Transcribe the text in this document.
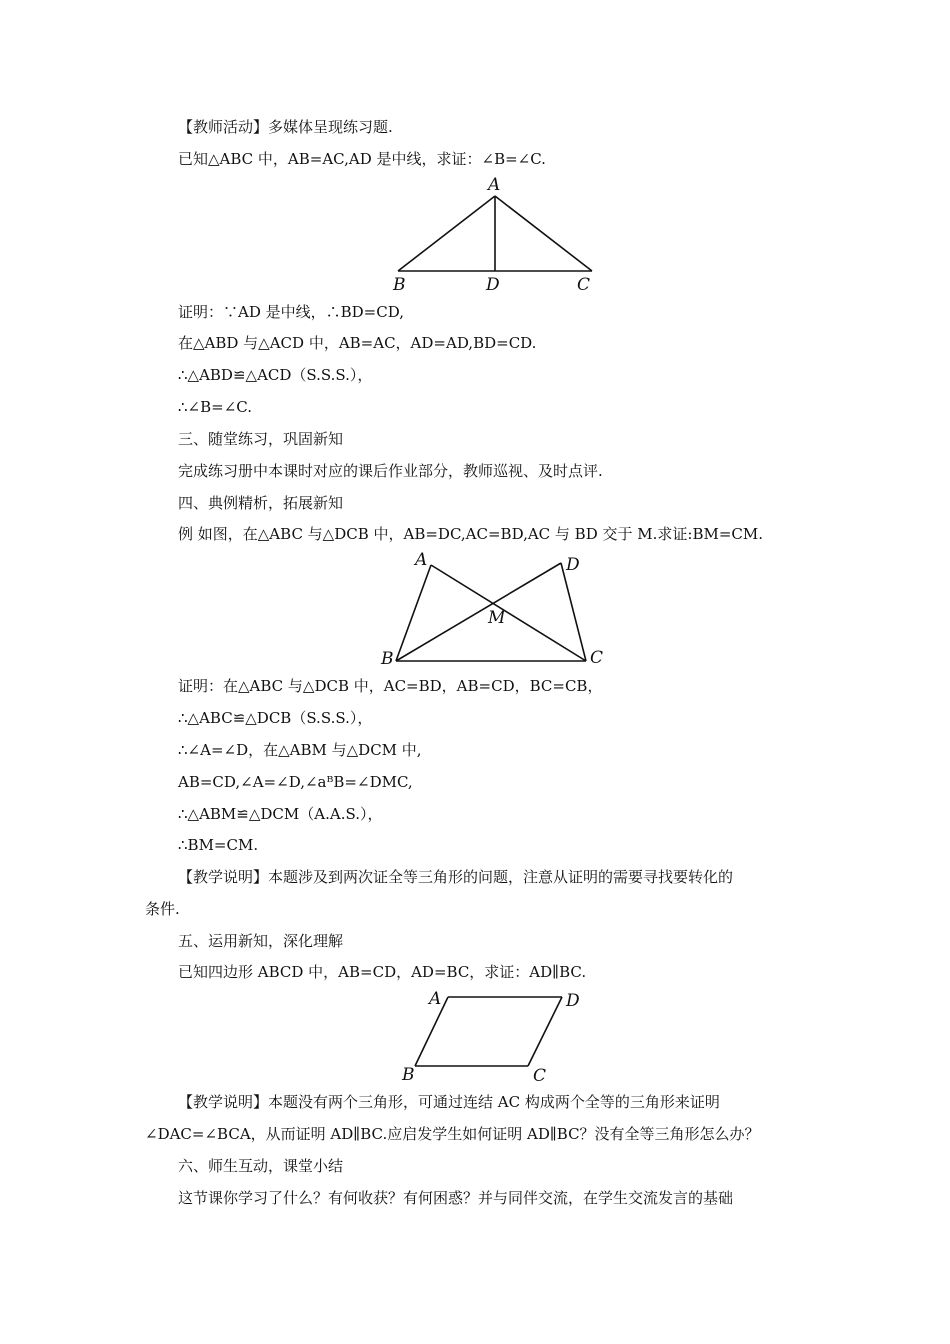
【教师活动】多媒体呈现练习题.
已知△ABC 中，AB=AC,AD 是中线，求证：∠B=∠C.
A
B	D	C
证明：∵AD 是中线，∴BD=CD,
在△ABD 与△ACD 中，AB=AC，AD=AD,BD=CD.
∴△ABD≌△ACD（S.S.S.），
∴∠B=∠C.
三、随堂练习，巩固新知
完成练习册中本课时对应的课后作业部分，教师巡视、及时点评.
四、典例精析，拓展新知
例 如图，在△ABC 与△DCB 中，AB=DC,AC=BD,AC 与 BD 交于 M.求证:BM=CM.
A	D
M
B	C
证明：在△ABC 与△DCB 中，AC=BD，AB=CD，BC=CB，
∴△ABC≌△DCB（S.S.S.），
∴∠A=∠D，在△ABM 与△DCM 中,
AB=CD,∠A=∠D,∠aᴮB=∠DMC,
∴△ABM≌△DCM（A.A.S.），
∴BM=CM.
【教学说明】本题涉及到两次证全等三角形的问题，注意从证明的需要寻找要转化的
条件.
五、运用新知，深化理解
已知四边形 ABCD 中，AB=CD，AD=BC，求证：AD∥BC.
A	D
B	C
【教学说明】本题没有两个三角形，可通过连结 AC 构成两个全等的三角形来证明
∠DAC=∠BCA，从而证明 AD∥BC.应启发学生如何证明 AD∥BC？没有全等三角形怎么办？
六、师生互动，课堂小结
这节课你学习了什么？有何收获？有何困惑？并与同伴交流，在学生交流发言的基础
